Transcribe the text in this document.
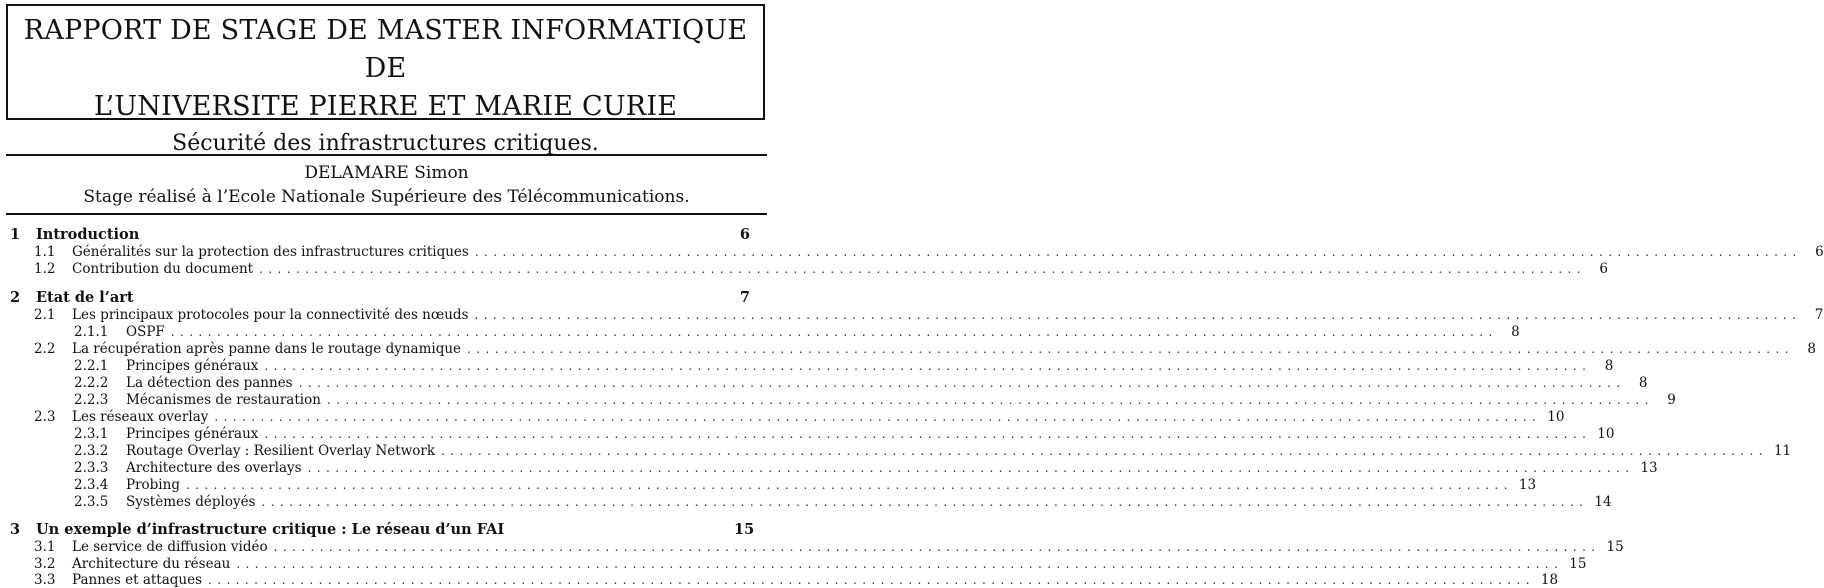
RAPPORT DE STAGE DE MASTER INFORMATIQUE DE
L’UNIVERSITE PIERRE ET MARIE CURIE
Sécurité des infrastructures critiques.
DELAMARE Simon
Stage réalisé à l’Ecole Nationale Supérieure des Télécommunications.
1	Introduction	6
1.1	Généralités sur la protection des infrastructures critiques ................................................................................................................................................ 6
1.2	Contribution du document ................................................................................................................................................ 6
2	Etat de l’art	7
2.1	Les principaux protocoles pour la connectivité des nœuds ................................................................................................................................................ 7
2.1.1	OSPF ................................................................................................................................................ 8
2.2	La récupération après panne dans le routage dynamique ................................................................................................................................................ 8
2.2.1	Principes généraux ................................................................................................................................................ 8
2.2.2	La détection des pannes ................................................................................................................................................ 8
2.2.3	Mécanismes de restauration ................................................................................................................................................ 9
2.3	Les réseaux overlay ................................................................................................................................................ 10
2.3.1	Principes généraux ................................................................................................................................................ 10
2.3.2	Routage Overlay : Resilient Overlay Network ................................................................................................................................................ 11
2.3.3	Architecture des overlays ................................................................................................................................................ 13
2.3.4	Probing ................................................................................................................................................ 13
2.3.5	Systèmes déployés ................................................................................................................................................ 14
3	Un exemple d’infrastructure critique : Le réseau d’un FAI	15
3.1	Le service de diffusion vidéo ................................................................................................................................................ 15
3.2	Architecture du réseau ................................................................................................................................................ 15
3.3	Pannes et attaques ................................................................................................................................................ 18
